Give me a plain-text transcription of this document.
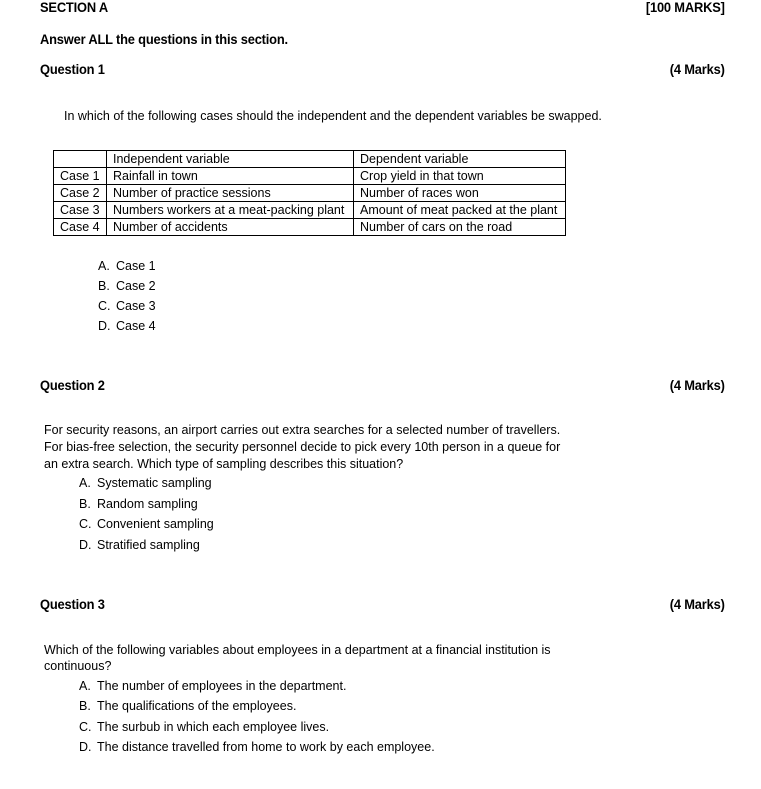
SECTION A	[100 MARKS]
Answer ALL the questions in this section.
Question 1	(4 Marks)
In which of the following cases should the independent and the dependent variables be swapped.
	Independent variable	Dependent variable
Case 1	Rainfall in town	Crop yield in that town
Case 2	Number of practice sessions	Number of races won
Case 3	Numbers workers at a meat-packing plant	Amount of meat packed at the plant
Case 4	Number of accidents	Number of cars on the road
A. Case 1
B. Case 2
C. Case 3
D. Case 4
Question 2	(4 Marks)
For security reasons, an airport carries out extra searches for a selected number of travellers.
For bias-free selection, the security personnel decide to pick every 10th person in a queue for
an extra search. Which type of sampling describes this situation?
A. Systematic sampling
B. Random sampling
C. Convenient sampling
D. Stratified sampling
Question 3	(4 Marks)
Which of the following variables about employees in a department at a financial institution is
continuous?
A. The number of employees in the department.
B. The qualifications of the employees.
C. The surbub in which each employee lives.
D. The distance travelled from home to work by each employee.
